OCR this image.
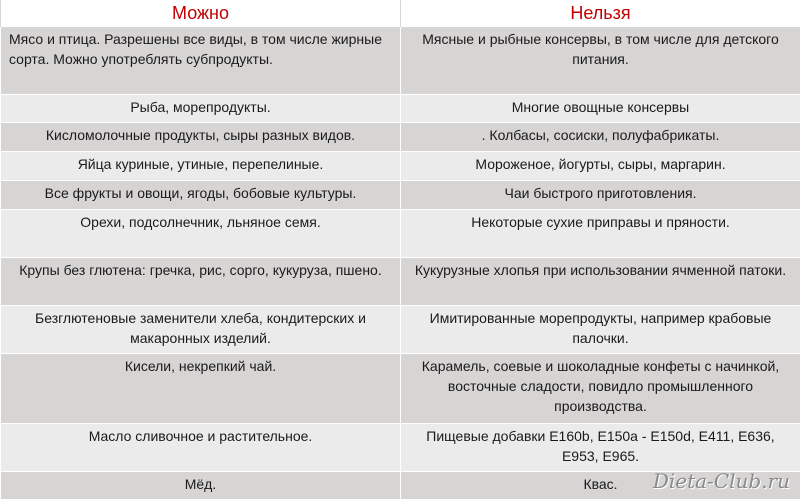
Можно	Нельзя
Мясо и птица. Разрешены все виды, в том числе жирные сорта. Можно употреблять субпродукты.	Мясные и рыбные консервы, в том числе для детского питания.
Рыба, морепродукты.	Многие овощные консервы
Кисломолочные продукты, сыры разных видов.	. Колбасы, сосиски, полуфабрикаты.
Яйца куриные, утиные, перепелиные.	Мороженое, йогурты, сыры, маргарин.
Все фрукты и овощи, ягоды, бобовые культуры.	Чаи быстрого приготовления.
Орехи, подсолнечник, льняное семя.	Некоторые сухие приправы и пряности.
Крупы без глютена: гречка, рис, сорго, кукуруза, пшено.	Кукурузные хлопья при использовании ячменной патоки.
Безглютеновые заменители хлеба, кондитерских и макаронных изделий.	Имитированные морепродукты, например крабовые палочки.
Кисели, некрепкий чай.	Карамель, соевые и шоколадные конфеты с начинкой, восточные сладости, повидло промышленного производства.
Масло сливочное и растительное.	Пищевые добавки E160b, E150a - E150d, E411, E636, E953, E965.
Мёд.	Квас. Dieta-Club.ru
